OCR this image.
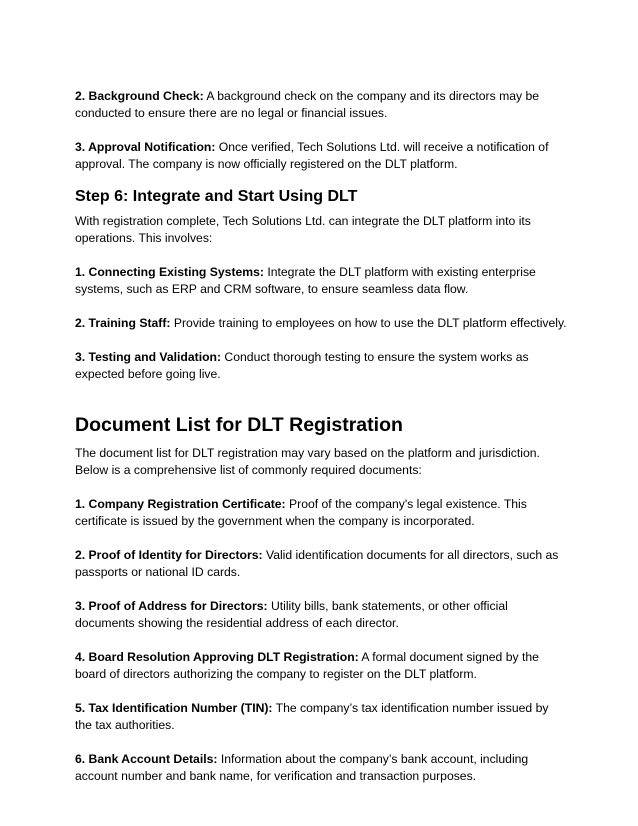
2. Background Check: A background check on the company and its directors may be conducted to ensure there are no legal or financial issues.

3. Approval Notification: Once verified, Tech Solutions Ltd. will receive a notification of approval. The company is now officially registered on the DLT platform.

Step 6: Integrate and Start Using DLT

With registration complete, Tech Solutions Ltd. can integrate the DLT platform into its operations. This involves:

1. Connecting Existing Systems: Integrate the DLT platform with existing enterprise systems, such as ERP and CRM software, to ensure seamless data flow.

2. Training Staff: Provide training to employees on how to use the DLT platform effectively.

3. Testing and Validation: Conduct thorough testing to ensure the system works as expected before going live.

Document List for DLT Registration

The document list for DLT registration may vary based on the platform and jurisdiction. Below is a comprehensive list of commonly required documents:

1. Company Registration Certificate: Proof of the company's legal existence. This certificate is issued by the government when the company is incorporated.

2. Proof of Identity for Directors: Valid identification documents for all directors, such as passports or national ID cards.

3. Proof of Address for Directors: Utility bills, bank statements, or other official documents showing the residential address of each director.

4. Board Resolution Approving DLT Registration: A formal document signed by the board of directors authorizing the company to register on the DLT platform.

5. Tax Identification Number (TIN): The company’s tax identification number issued by the tax authorities.

6. Bank Account Details: Information about the company’s bank account, including account number and bank name, for verification and transaction purposes.
